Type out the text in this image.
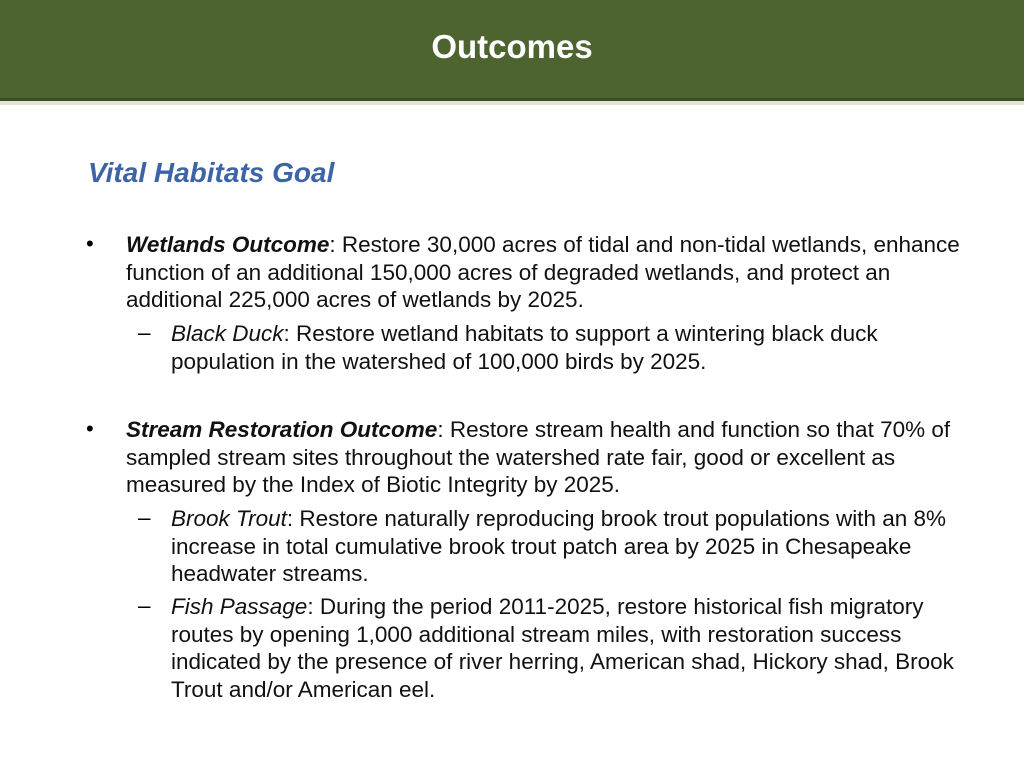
Outcomes
Vital Habitats Goal
• Wetlands Outcome: Restore 30,000 acres of tidal and non-tidal wetlands, enhance function of an additional 150,000 acres of degraded wetlands, and protect an additional 225,000 acres of wetlands by 2025.
– Black Duck: Restore wetland habitats to support a wintering black duck population in the watershed of 100,000 birds by 2025.
• Stream Restoration Outcome: Restore stream health and function so that 70% of sampled stream sites throughout the watershed rate fair, good or excellent as measured by the Index of Biotic Integrity by 2025.
– Brook Trout: Restore naturally reproducing brook trout populations with an 8% increase in total cumulative brook trout patch area by 2025 in Chesapeake headwater streams.
– Fish Passage: During the period 2011-2025, restore historical fish migratory routes by opening 1,000 additional stream miles, with restoration success indicated by the presence of river herring, American shad, Hickory shad, Brook Trout and/or American eel.
